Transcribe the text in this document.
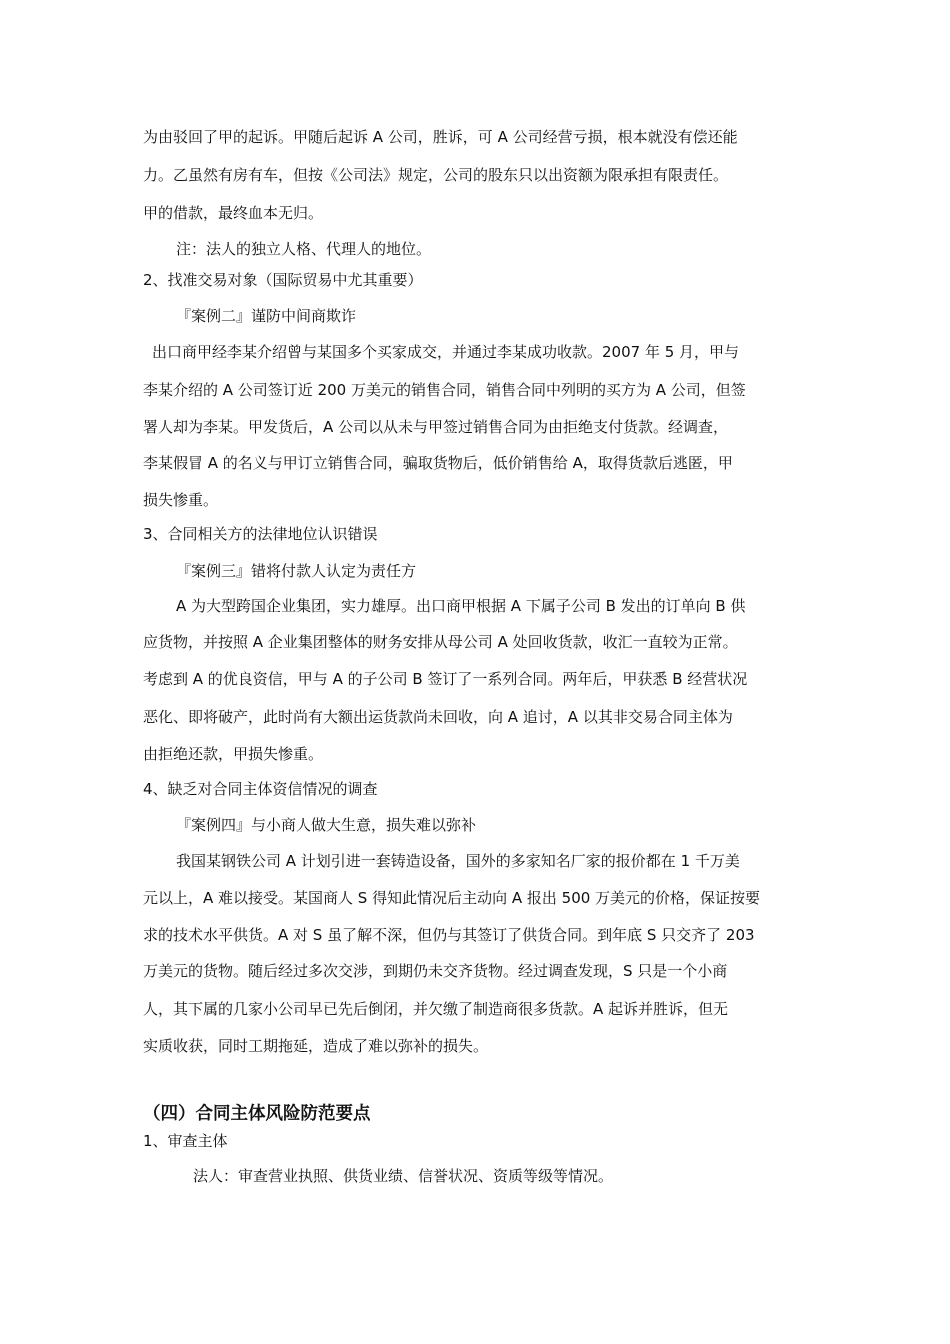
为由驳回了甲的起诉。甲随后起诉 A 公司，胜诉，可 A 公司经营亏损，根本就没有偿还能
力。乙虽然有房有车，但按《公司法》规定，公司的股东只以出资额为限承担有限责任。
甲的借款，最终血本无归。
注：法人的独立人格、代理人的地位。
2、找准交易对象（国际贸易中尤其重要）
『案例二』谨防中间商欺诈
出口商甲经李某介绍曾与某国多个买家成交，并通过李某成功收款。2007 年 5 月，甲与
李某介绍的 A 公司签订近 200 万美元的销售合同，销售合同中列明的买方为 A 公司，但签
署人却为李某。甲发货后，A 公司以从未与甲签过销售合同为由拒绝支付货款。经调查，
李某假冒 A 的名义与甲订立销售合同，骗取货物后，低价销售给 A，取得货款后逃匿，甲
损失惨重。
3、合同相关方的法律地位认识错误
『案例三』错将付款人认定为责任方
A 为大型跨国企业集团，实力雄厚。出口商甲根据 A 下属子公司 B 发出的订单向 B 供
应货物，并按照 A 企业集团整体的财务安排从母公司 A 处回收货款，收汇一直较为正常。
考虑到 A 的优良资信，甲与 A 的子公司 B 签订了一系列合同。两年后，甲获悉 B 经营状况
恶化、即将破产，此时尚有大额出运货款尚未回收，向 A 追讨，A 以其非交易合同主体为
由拒绝还款，甲损失惨重。
4、缺乏对合同主体资信情况的调查
『案例四』与小商人做大生意，损失难以弥补
我国某钢铁公司 A 计划引进一套铸造设备，国外的多家知名厂家的报价都在 1 千万美
元以上，A 难以接受。某国商人 S 得知此情况后主动向 A 报出 500 万美元的价格，保证按要
求的技术水平供货。A 对 S 虽了解不深，但仍与其签订了供货合同。到年底 S 只交齐了 203
万美元的货物。随后经过多次交涉，到期仍未交齐货物。经过调查发现，S 只是一个小商
人，其下属的几家小公司早已先后倒闭，并欠缴了制造商很多货款。A 起诉并胜诉，但无
实质收获，同时工期拖延，造成了难以弥补的损失。
（四）合同主体风险防范要点
1、审查主体
法人：审查营业执照、供货业绩、信誉状况、资质等级等情况。
